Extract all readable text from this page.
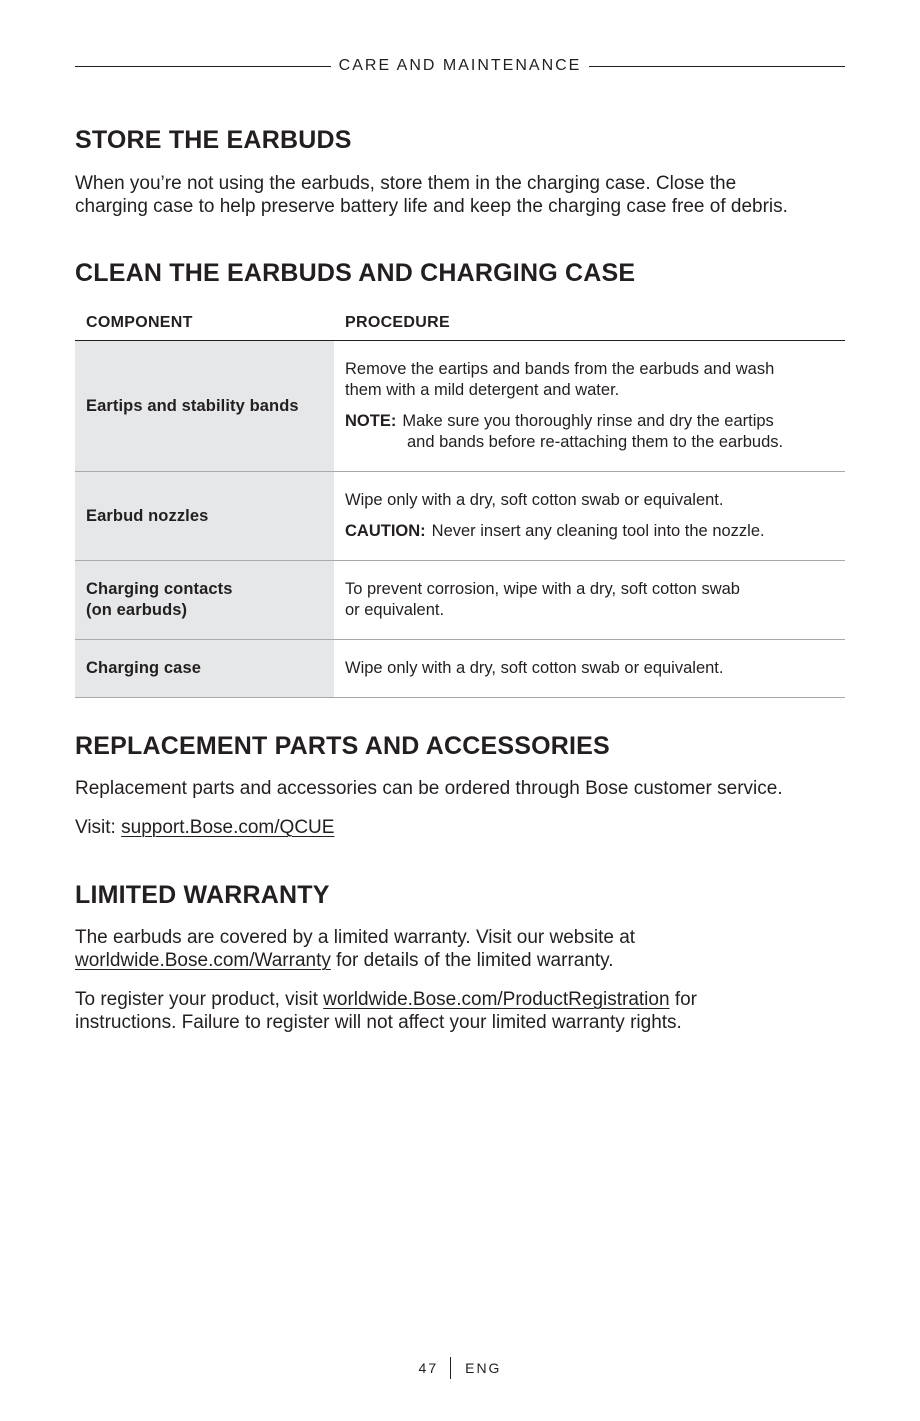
CARE AND MAINTENANCE
STORE THE EARBUDS

When you’re not using the earbuds, store them in the charging case. Close the
charging case to help preserve battery life and keep the charging case free of debris.

CLEAN THE EARBUDS AND CHARGING CASE
COMPONENT	PROCEDURE
Eartips and stability bands

Remove the eartips and bands from the earbuds and wash
them with a mild detergent and water.

NOTE: Make sure you thoroughly rinse and dry the eartips
and bands before re-attaching them to the earbuds.

Earbud nozzles

Wipe only with a dry, soft cotton swab or equivalent.

CAUTION: Never insert any cleaning tool into the nozzle.

Charging contacts
(on earbuds)

To prevent corrosion, wipe with a dry, soft cotton swab
or equivalent.

Charging case	Wipe only with a dry, soft cotton swab or equivalent.

REPLACEMENT PARTS AND ACCESSORIES

Replacement parts and accessories can be ordered through Bose customer service.

Visit: support.Bose.com/QCUE

LIMITED WARRANTY

The earbuds are covered by a limited warranty. Visit our website at
worldwide.Bose.com/Warranty for details of the limited warranty.

To register your product, visit worldwide.Bose.com/ProductRegistration for
instructions. Failure to register will not affect your limited warranty rights.

47 ENG
